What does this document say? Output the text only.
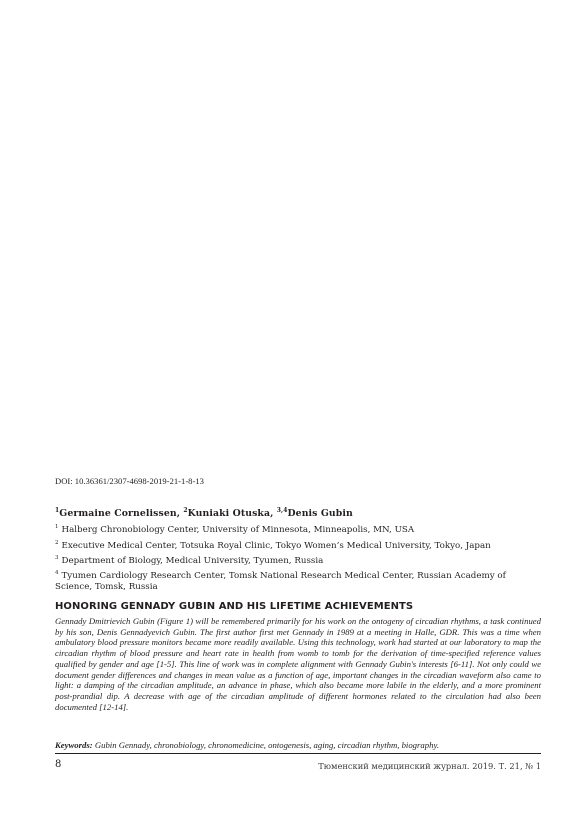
DOI: 10.36361/2307-4698-2019-21-1-8-13
$^1$Germaine Cornelissen, $^2$Kuniaki Otuska, $^{3,4}$Denis Gubin
$^1$ Halberg Chronobiology Center, University of Minnesota, Minneapolis, MN, USA
$^2$ Executive Medical Center, Totsuka Royal Clinic, Tokyo Women’s Medical University, Tokyo, Japan
$^3$ Department of Biology, Medical University, Tyumen, Russia
$^4$ Tyumen Cardiology Research Center, Tomsk National Research Medical Center, Russian Academy of Science, Tomsk, Russia
HONORING GENNADY GUBIN AND HIS LIFETIME ACHIEVEMENTS
Gennady Dmitrievich Gubin (Figure 1) will be remembered primarily for his work on the ontogeny of circadian rhythms, a task continued by his son, Denis Gennadyevich Gubin. The first author first met Gennady in 1989 at a meeting in Halle, GDR. This was a time when ambulatory blood pressure monitors became more readily available. Using this technology, work had started at our laboratory to map the circadian rhythm of blood pressure and heart rate in health from womb to tomb for the derivation of time-specified reference values qualified by gender and age [1-5]. This line of work was in complete alignment with Gennady Gubin's interests [6-11]. Not only could we document gender differences and changes in mean value as a function of age, important changes in the circadian waveform also came to light: a damping of the circadian amplitude, an advance in phase, which also became more labile in the elderly, and a more prominent post-prandial dip. A decrease with age of the circadian amplitude of different hormones related to the circulation had also been documented [12-14].
Keywords: Gubin Gennady, chronobiology, chronomedicine, ontogenesis, aging, circadian rhythm, biography.
8	Тюменский медицинский журнал. 2019. Т. 21, № 1
